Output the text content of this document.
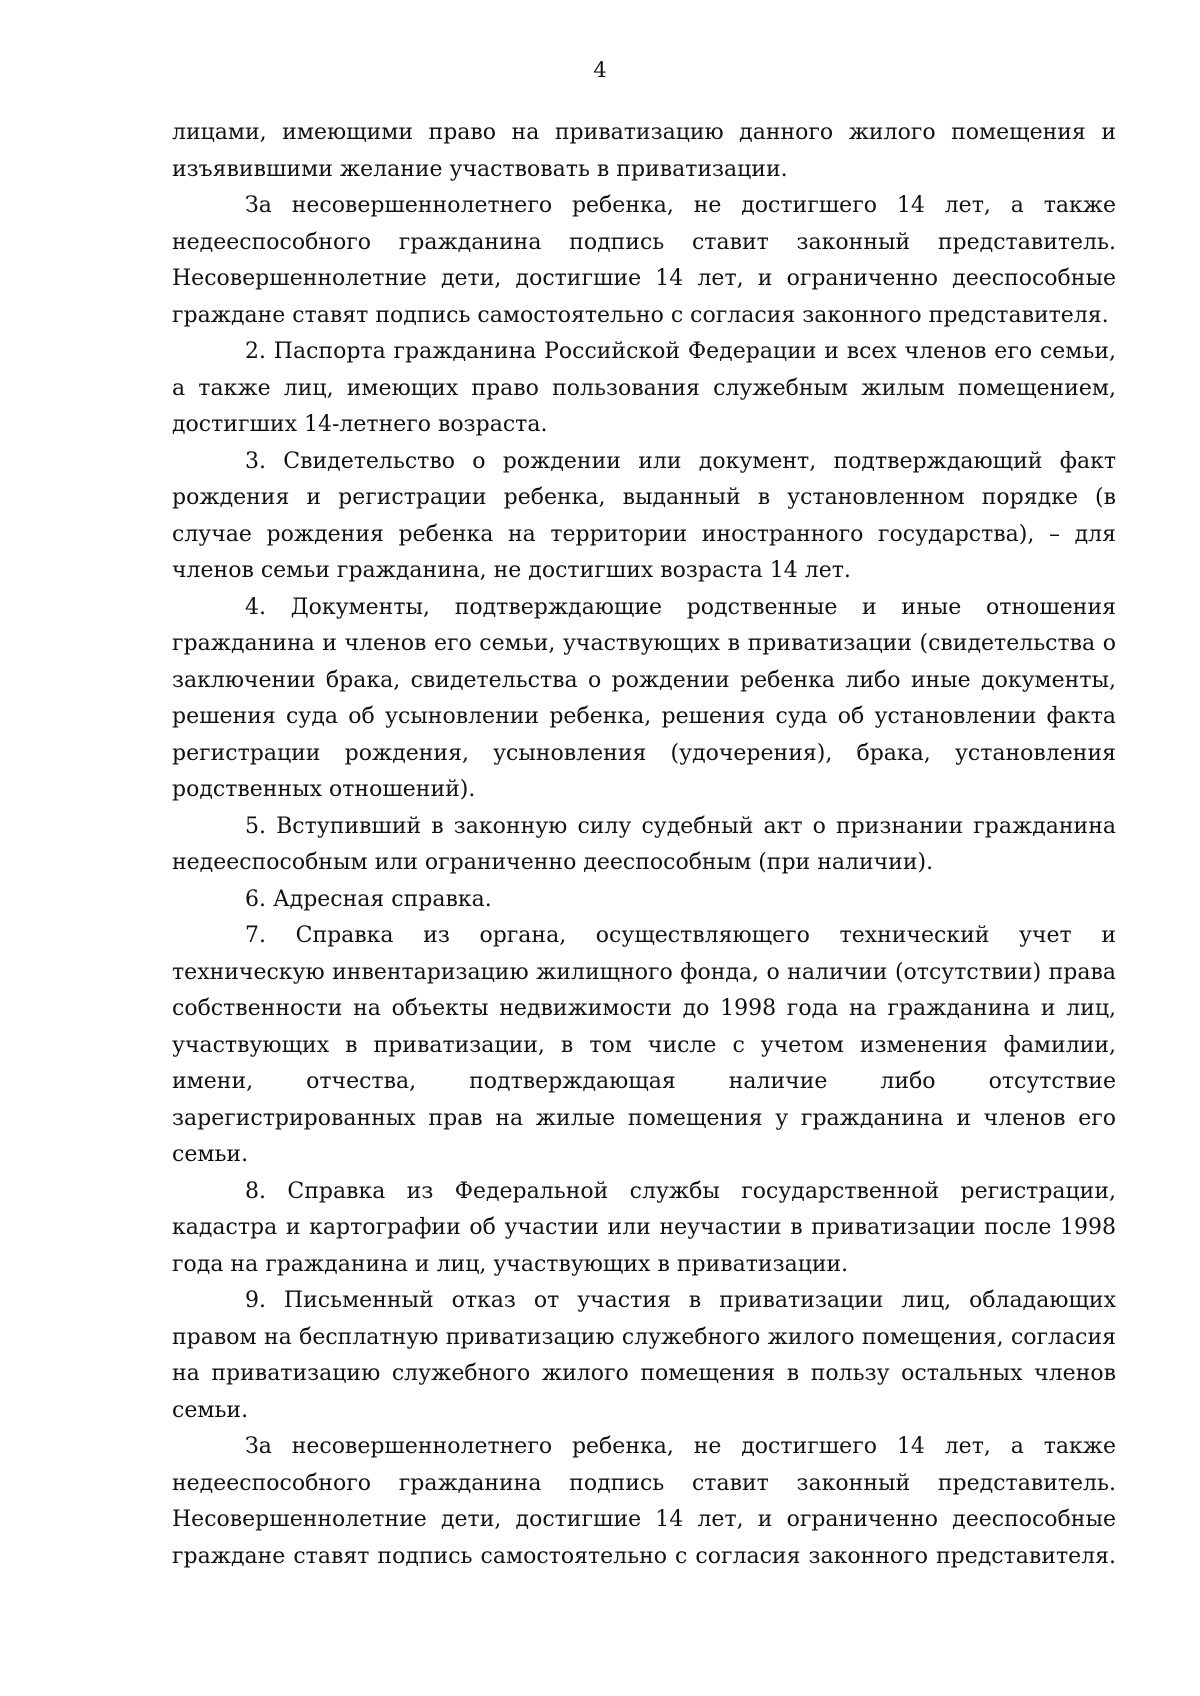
4

лицами, имеющими право на приватизацию данного жилого помещения и изъявившими желание участвовать в приватизации.

За несовершеннолетнего ребенка, не достигшего 14 лет, а также недееспособного гражданина подпись ставит законный представитель. Несовершеннолетние дети, достигшие 14 лет, и ограниченно дееспособные граждане ставят подпись самостоятельно с согласия законного представителя.

2. Паспорта гражданина Российской Федерации и всех членов его семьи, а также лиц, имеющих право пользования служебным жилым помещением, достигших 14-летнего возраста.

3. Свидетельство о рождении или документ, подтверждающий факт рождения и регистрации ребенка, выданный в установленном порядке (в случае рождения ребенка на территории иностранного государства), – для членов семьи гражданина, не достигших возраста 14 лет.

4. Документы, подтверждающие родственные и иные отношения гражданина и членов его семьи, участвующих в приватизации (свидетельства о заключении брака, свидетельства о рождении ребенка либо иные документы, решения суда об усыновлении ребенка, решения суда об установлении факта регистрации рождения, усыновления (удочерения), брака, установления родственных отношений).

5. Вступивший в законную силу судебный акт о признании гражданина недееспособным или ограниченно дееспособным (при наличии).

6. Адресная справка.

7. Справка из органа, осуществляющего технический учет и техническую инвентаризацию жилищного фонда, о наличии (отсутствии) права собственности на объекты недвижимости до 1998 года на гражданина и лиц, участвующих в приватизации, в том числе с учетом изменения фамилии, имени, отчества, подтверждающая наличие либо отсутствие зарегистрированных прав на жилые помещения у гражданина и членов его семьи.

8. Справка из Федеральной службы государственной регистрации, кадастра и картографии об участии или неучастии в приватизации после 1998 года на гражданина и лиц, участвующих в приватизации.

9. Письменный отказ от участия в приватизации лиц, обладающих правом на бесплатную приватизацию служебного жилого помещения, согласия на приватизацию служебного жилого помещения в пользу остальных членов семьи.

За несовершеннолетнего ребенка, не достигшего 14 лет, а также недееспособного гражданина подпись ставит законный представитель. Несовершеннолетние дети, достигшие 14 лет, и ограниченно дееспособные граждане ставят подпись самостоятельно с согласия законного представителя.
